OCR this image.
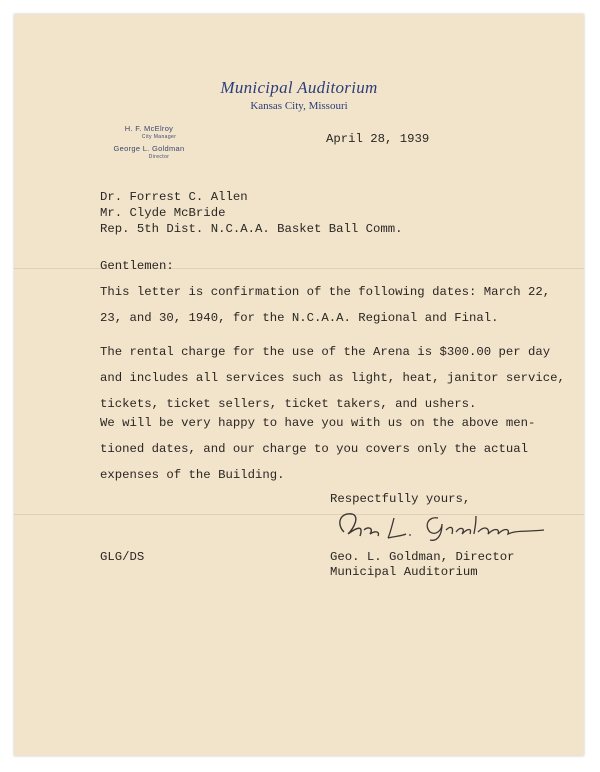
Municipal Auditorium
Kansas City, Missouri
H. F. McElroy
City Manager
George L. Goldman
Director
April 28, 1939
Dr. Forrest C. Allen
Mr. Clyde McBride
Rep. 5th Dist. N.C.A.A. Basket Ball Comm.
Gentlemen:
This letter is confirmation of the following dates: March 22,
23, and 30, 1940, for the N.C.A.A. Regional and Final.
The rental charge for the use of the Arena is $300.00 per day
and includes all services such as light, heat, janitor service,
tickets, ticket sellers, ticket takers, and ushers.
We will be very happy to have you with us on the above men-
tioned dates, and our charge to you covers only the actual
expenses of the Building.
Respectfully yours,
GLG/DS	Geo. L. Goldman, Director
Municipal Auditorium
